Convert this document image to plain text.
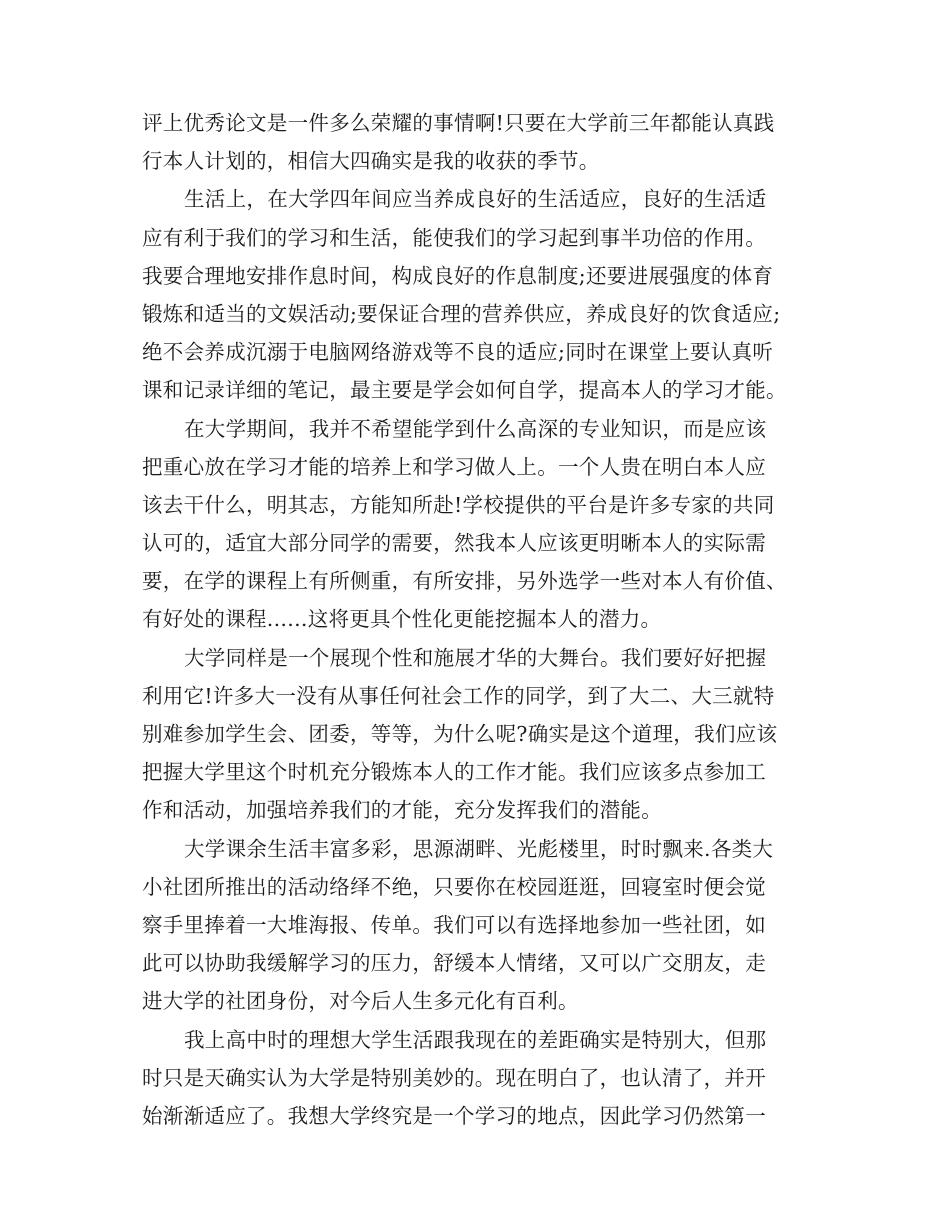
评上优秀论文是一件多么荣耀的事情啊!只要在大学前三年都能认真践
行本人计划的，相信大四确实是我的收获的季节。
生活上，在大学四年间应当养成良好的生活适应，良好的生活适
应有利于我们的学习和生活，能使我们的学习起到事半功倍的作用。
我要合理地安排作息时间，构成良好的作息制度;还要进展强度的体育
锻炼和适当的文娱活动;要保证合理的营养供应，养成良好的饮食适应;
绝不会养成沉溺于电脑网络游戏等不良的适应;同时在课堂上要认真听
课和记录详细的笔记，最主要是学会如何自学，提高本人的学习才能。
在大学期间，我并不希望能学到什么高深的专业知识，而是应该
把重心放在学习才能的培养上和学习做人上。一个人贵在明白本人应
该去干什么，明其志，方能知所赴!学校提供的平台是许多专家的共同
认可的，适宜大部分同学的需要，然我本人应该更明晰本人的实际需
要，在学的课程上有所侧重，有所安排，另外选学一些对本人有价值、
有好处的课程......这将更具个性化更能挖掘本人的潜力。
大学同样是一个展现个性和施展才华的大舞台。我们要好好把握
利用它!许多大一没有从事任何社会工作的同学，到了大二、大三就特
别难参加学生会、团委，等等，为什么呢?确实是这个道理，我们应该
把握大学里这个时机充分锻炼本人的工作才能。我们应该多点参加工
作和活动，加强培养我们的才能，充分发挥我们的潜能。
大学课余生活丰富多彩，思源湖畔、光彪楼里，时时飘来.各类大
小社团所推出的活动络绎不绝，只要你在校园逛逛，回寝室时便会觉
察手里捧着一大堆海报、传单。我们可以有选择地参加一些社团，如
此可以协助我缓解学习的压力，舒缓本人情绪，又可以广交朋友，走
进大学的社团身份，对今后人生多元化有百利。
我上高中时的理想大学生活跟我现在的差距确实是特别大，但那
时只是天确实认为大学是特别美妙的。现在明白了，也认清了，并开
始渐渐适应了。我想大学终究是一个学习的地点，因此学习仍然第一
